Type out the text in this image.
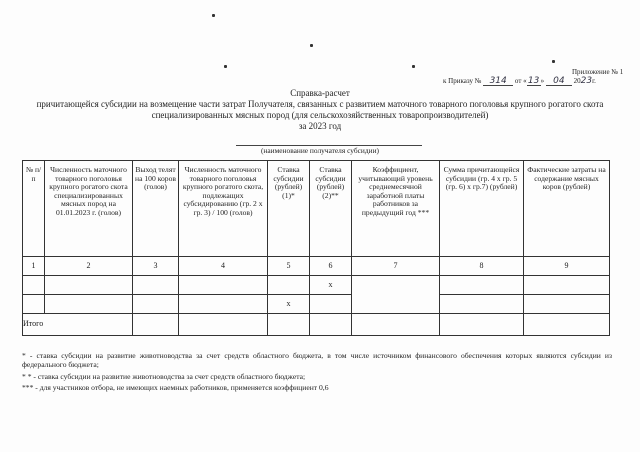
Приложение № 1
к Приказу № 314 от «13» 04 2023г.
Справка-расчет
причитающейся субсидии на возмещение части затрат Получателя, связанных с развитием маточного товарного поголовья крупного рогатого скота специализированных мясных пород (для сельскохозяйственных товаропроизводителей)
за 2023 год
(наименование получателя субсидии)
№ п/п	Численность маточного товарного поголовья крупного рогатого скота специализированных мясных пород на 01.01.2023 г. (голов)	Выход телят на 100 коров (голов)	Численность маточного товарного поголовья крупного рогатого скота, подлежащих субсидированию (гр. 2 х гр. 3) / 100 (голов)	Ставка субсидии (рублей) (1)*	Ставка субсидии (рублей) (2)**	Коэффициент, учитывающий уровень среднемесячной заработной платы работников за предыдущий год ***	Сумма причитающейся субсидии (гр. 4 х гр. 5 (гр. 6) х гр.7) (рублей)	Фактические затраты на содержание мясных коров (рублей)
1	2	3	4	5	6	7	8	9
					х			
				х				
Итого								
* - ставка субсидии на развитие животноводства за счет средств областного бюджета, в том числе источником финансового обеспечения которых являются субсидии из федерального бюджета;
* * - ставка субсидии на развитие животноводства за счет средств областного бюджета;
*** - для участников отбора, не имеющих наемных работников, применяется коэффициент 0,6
